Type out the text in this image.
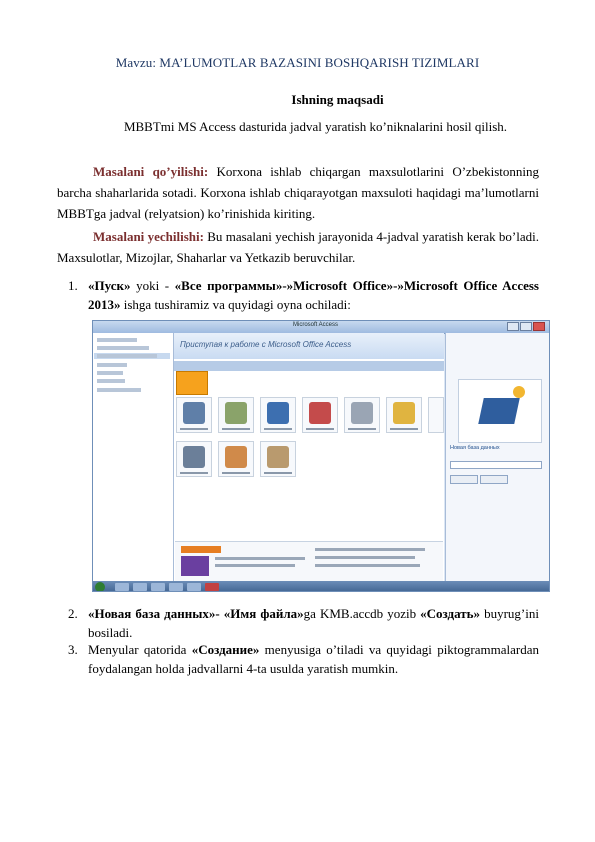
Mavzu: MA’LUMOTLAR BAZASINI BOSHQARISH TIZIMLARI
Ishning maqsadi
MBBTmi MS Access dasturida jadval yaratish ko’niknalarini hosil qilish.
Masalani qo’yilishi: Korxona ishlab chiqargan maxsulotlarini O’zbekistonning barcha shaharlarida sotadi. Korxona ishlab chiqarayotgan maxsuloti haqidagi ma’lumotlarni MBBTga jadval (relyatsion) ko’rinishida kiriting.
Masalani yechilishi: Bu masalani yechish jarayonida 4-jadval yaratish kerak bo’ladi. Maxsulotlar, Mizojlar, Shaharlar va Yetkazib beruvchilar.
1. «Пуск» yoki - «Все программы»-»Microsoft Office»-»Microsoft Office Access 2013» ishga tushiramiz va quyidagi oyna ochiladi:
Microsoft Access
Приступая к работе с Microsoft Office Access
Новая база данных
2. «Новая база данных»- «Имя файла»ga KMB.accdb yozib «Создать» buyrug’ini bosiladi.
3. Menyular qatorida «Создание» menyusiga o’tiladi va quyidagi piktogrammalardan foydalangan holda jadvallarni 4-ta usulda yaratish mumkin.
